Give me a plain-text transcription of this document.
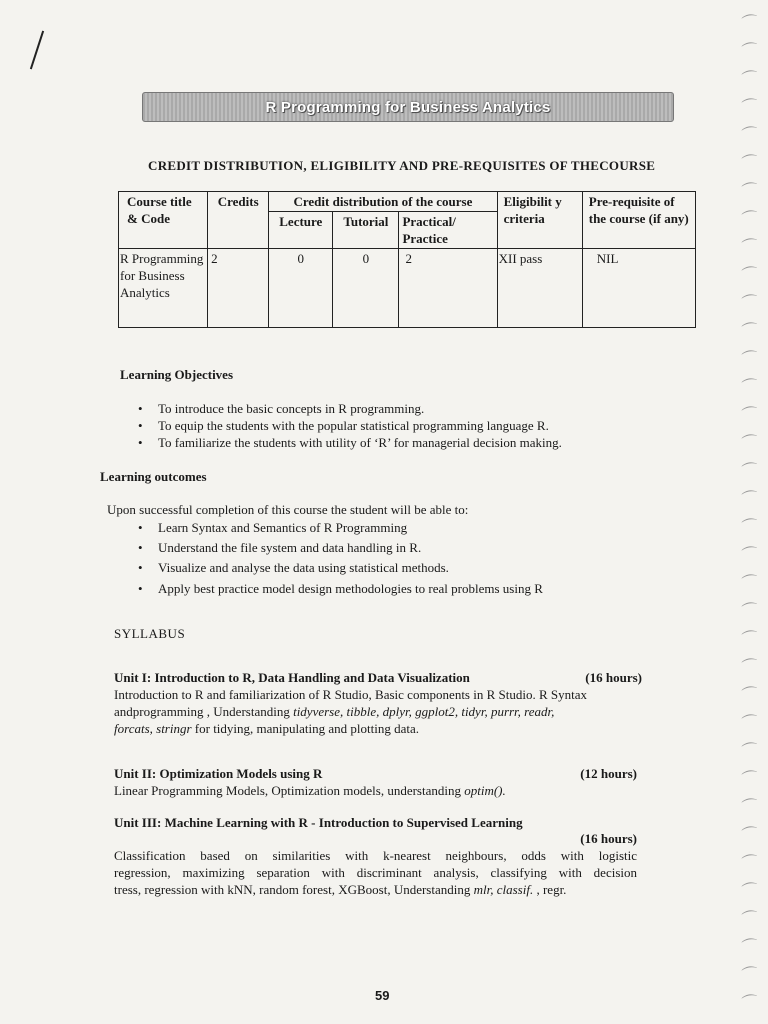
⌒
⌒
⌒
⌒
⌒
⌒
⌒
⌒
⌒
⌒
⌒
⌒
⌒
⌒
⌒
⌒
⌒
⌒
⌒
⌒
⌒
⌒
⌒
⌒
⌒
⌒
⌒
⌒
⌒
⌒
⌒
⌒
⌒
⌒
⌒
⌒
R Programming for Business Analytics
CREDIT DISTRIBUTION, ELIGIBILITY AND PRE-REQUISITES OF THECOURSE
Course title & Code	Credits	Credit distribution of the course			Eligibilit y criteria	Pre-requisite of the course (if any)
		Lecture	Tutorial	Practical/ Practice		
R Programming for Business Analytics	2	0	0	2	XII pass	NIL
Learning Objectives
• To introduce the basic concepts in R programming.
• To equip the students with the popular statistical programming language R.
• To familiarize the students with utility of ‘R’ for managerial decision making.
Learning outcomes
Upon successful completion of this course the student will be able to:
• Learn Syntax and Semantics of R Programming
• Understand the file system and data handling in R.
• Visualize and analyse the data using statistical methods.
• Apply best practice model design methodologies to real problems using R
SYLLABUS
Unit I: Introduction to R, Data Handling and Data Visualization	(16 hours)
Introduction to R and familiarization of R Studio, Basic components in R Studio. R Syntax
andprogramming , Understanding tidyverse, tibble, dplyr, ggplot2, tidyr, purrr, readr,
forcats, stringr for tidying, manipulating and plotting data.
Unit II: Optimization Models using R	(12 hours)
Linear Programming Models, Optimization models, understanding optim().
Unit III: Machine Learning with R - Introduction to Supervised Learning
(16 hours)
Classification based on similarities with k-nearest neighbours, odds with logistic
regression, maximizing separation with discriminant analysis, classifying with decision
tress, regression with kNN, random forest, XGBoost, Understanding mlr, classif. , regr.
59
